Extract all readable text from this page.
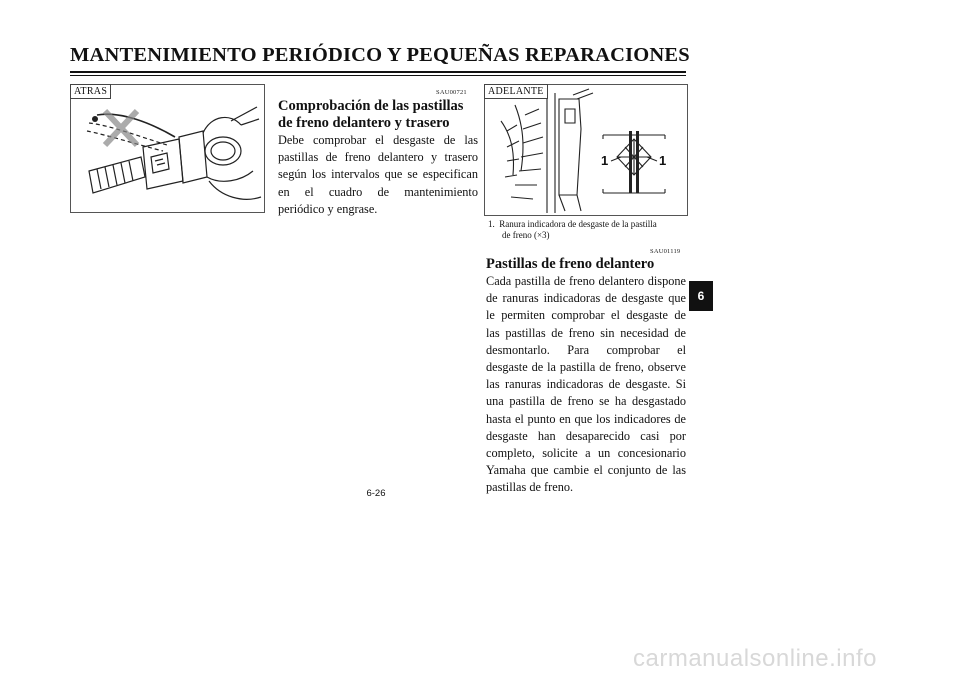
MANTENIMIENTO PERIÓDICO Y PEQUEÑAS REPARACIONES
ATRAS
1	1
ADELANTE
SAU00721
Comprobación de las pastillas
de freno delantero y trasero
Debe comprobar el desgaste de las pastillas de freno delantero y trasero según los intervalos que se especifican en el cuadro de mantenimiento periódico y engrase.
1. Ranura indicadora de desgaste de la pastilla
de freno (×3)
SAU01119
Pastillas de freno delantero
Cada pastilla de freno delantero dispone de ranuras indicadoras de desgaste que le permiten comprobar el desgaste de las pastillas de freno sin necesidad de desmontarlo. Para comprobar el desgaste de la pastilla de freno, observe las ranuras indicadoras de desgaste. Si una pastilla de freno se ha desgastado hasta el punto en que los indicadores de desgaste han desaparecido casi por completo, solicite a un concesionario Yamaha que cambie el conjunto de las pastillas de freno.
6-26
6
carmanualsonline.info
